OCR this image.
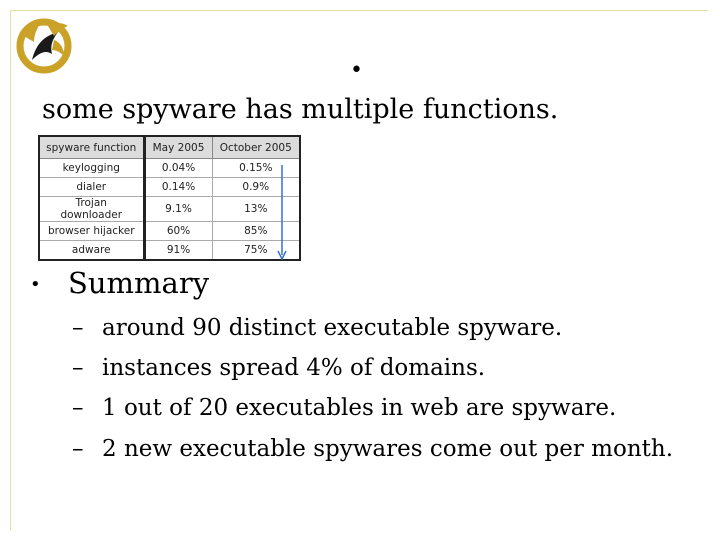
•
some spyware has multiple functions.
spyware function	May 2005	October 2005
keylogging	0.04%	0.15%
dialer	0.14%	0.9%
Trojan downloader	9.1%	13%
browser hijacker	60%	85%
adware	91%	75%
• Summary
– around 90 distinct executable spyware.
– instances spread 4% of domains.
– 1 out of 20 executables in web are spyware.
– 2 new executable spywares come out per month.
